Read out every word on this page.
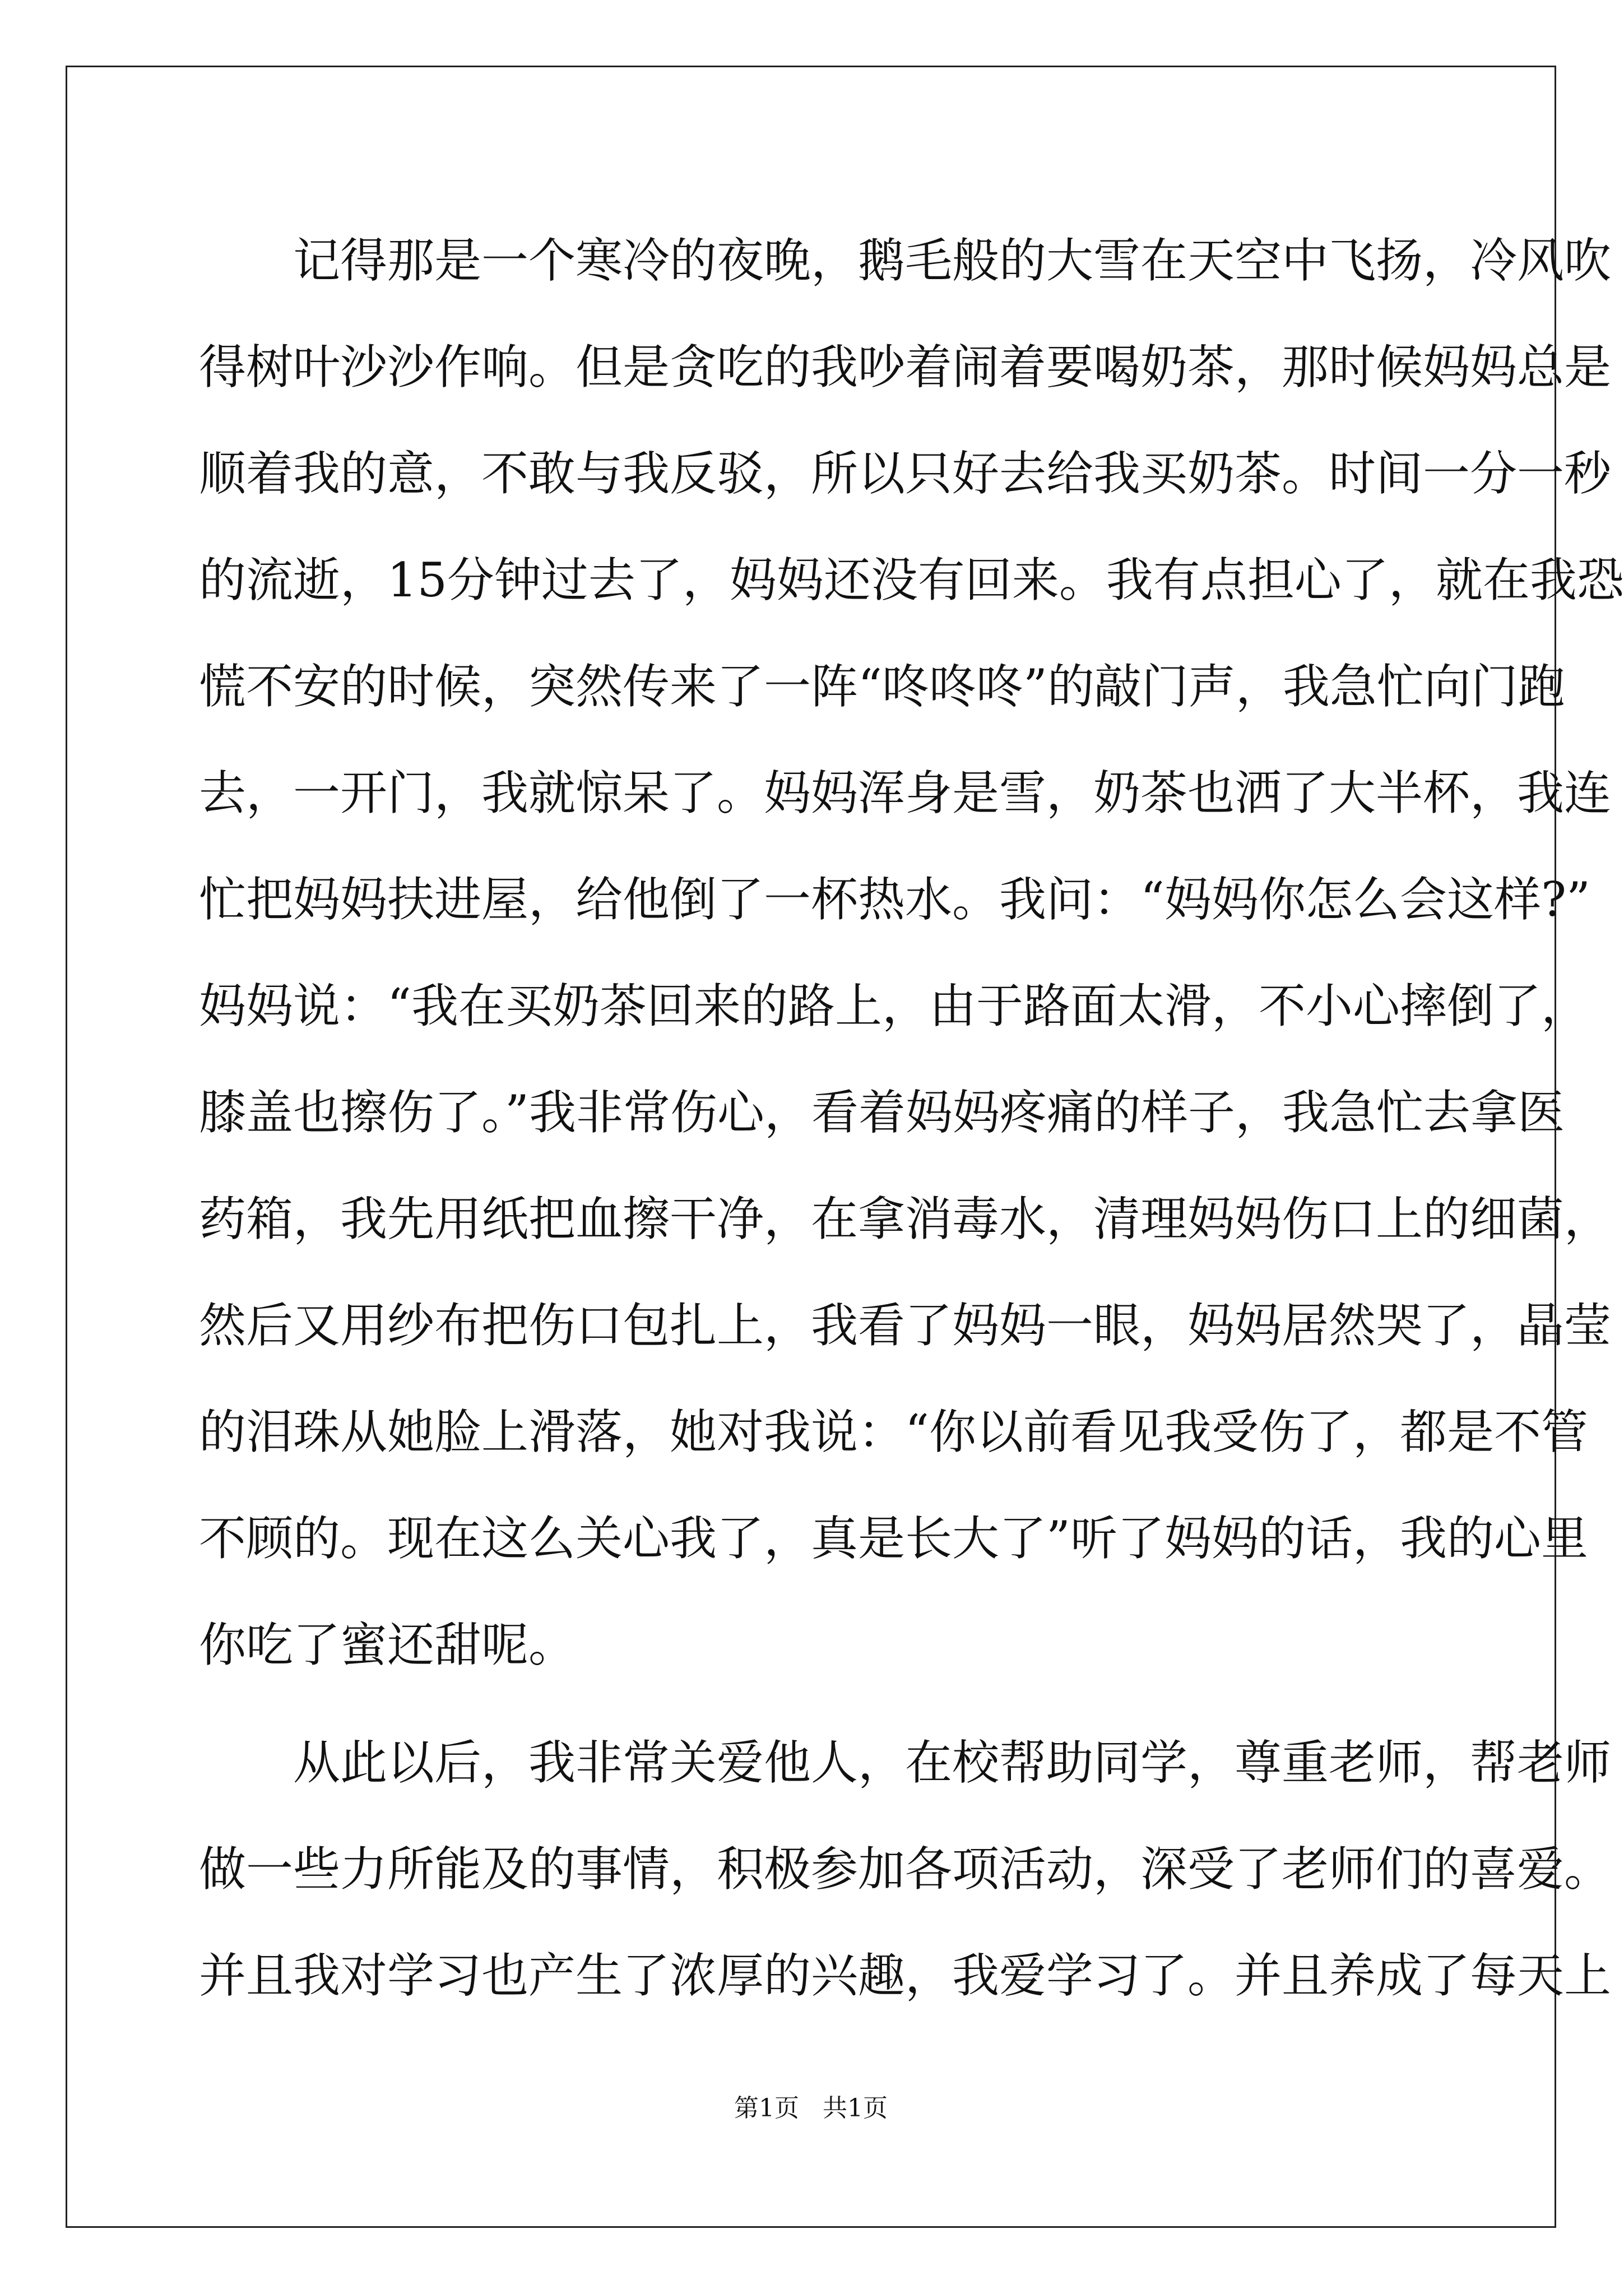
记得那是一个寒冷的夜晚，鹅毛般的大雪在天空中飞扬，冷风吹
得树叶沙沙作响。但是贪吃的我吵着闹着要喝奶茶，那时候妈妈总是
顺着我的意，不敢与我反驳，所以只好去给我买奶茶。时间一分一秒
的流逝，15分钟过去了，妈妈还没有回来。我有点担心了，就在我恐
慌不安的时候，突然传来了一阵“咚咚咚”的敲门声，我急忙向门跑
去，一开门，我就惊呆了。妈妈浑身是雪，奶茶也洒了大半杯，我连
忙把妈妈扶进屋，给他倒了一杯热水。我问：“妈妈你怎么会这样?”
妈妈说：“我在买奶茶回来的路上，由于路面太滑，不小心摔倒了，
膝盖也擦伤了。”我非常伤心，看着妈妈疼痛的样子，我急忙去拿医
药箱，我先用纸把血擦干净，在拿消毒水，清理妈妈伤口上的细菌，
然后又用纱布把伤口包扎上，我看了妈妈一眼，妈妈居然哭了，晶莹
的泪珠从她脸上滑落，她对我说：“你以前看见我受伤了，都是不管
不顾的。现在这么关心我了，真是长大了”听了妈妈的话，我的心里
你吃了蜜还甜呢。
从此以后，我非常关爱他人，在校帮助同学，尊重老师，帮老师
做一些力所能及的事情，积极参加各项活动，深受了老师们的喜爱。
并且我对学习也产生了浓厚的兴趣，我爱学习了。并且养成了每天上
第1页   共1页
